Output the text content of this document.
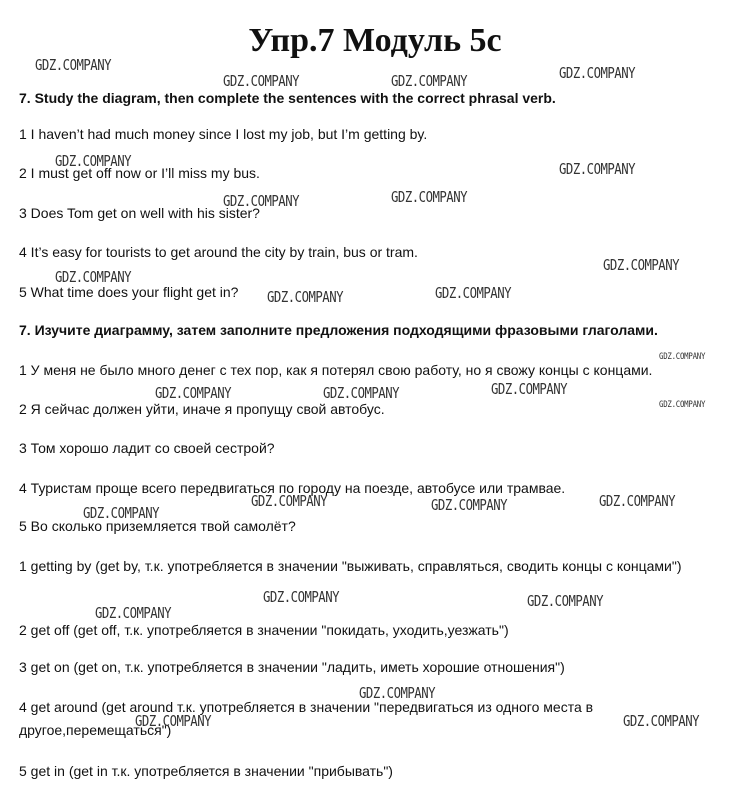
Упр.7 Модуль 5c
7. Study the diagram, then complete the sentences with the correct phrasal verb.
1 I haven’t had much money since I lost my job, but I’m getting by.
2 I must get off now or I’ll miss my bus.
3 Does Tom get on well with his sister?
4 It’s easy for tourists to get around the city by train, bus or tram.
5 What time does your flight get in?
7. Изучите диаграмму, затем заполните предложения подходящими фразовыми глаголами.
1 У меня не было много денег с тех пор, как я потерял свою работу, но я свожу концы с концами.
2 Я сейчас должен уйти, иначе я пропущу свой автобус.
3 Том хорошо ладит со своей сестрой?
4 Туристам проще всего передвигаться по городу на поезде, автобусе или трамвае.
5 Во сколько приземляется твой самолёт?
1 getting by (get by, т.к. употребляется в значении "выживать, справляться, сводить концы с концами")
2 get off (get off, т.к. употребляется в значении "покидать, уходить,уезжать")
3 get on (get on, т.к. употребляется в значении "ладить, иметь хорошие отношения")
4 get around (get around т.к. употребляется в значении "передвигаться из одного места в другое,перемещаться")
5 get in (get in т.к. употребляется в значении "прибывать")
GDZ.COMPANY
GDZ.COMPANY	GDZ.COMPANY	GDZ.COMPANY
GDZ.COMPANY	GDZ.COMPANY
GDZ.COMPANY	GDZ.COMPANY
GDZ.COMPANY
GDZ.COMPANY
GDZ.COMPANY	GDZ.COMPANY
GDZ.COMPANY
GDZ.COMPANY	GDZ.COMPANY	GDZ.COMPANY
GDZ.COMPANY
GDZ.COMPANY	GDZ.COMPANY	GDZ.COMPANY
GDZ.COMPANY
GDZ.COMPANY	GDZ.COMPANY
GDZ.COMPANY
GDZ.COMPANY
GDZ.COMPANY	GDZ.COMPANY
